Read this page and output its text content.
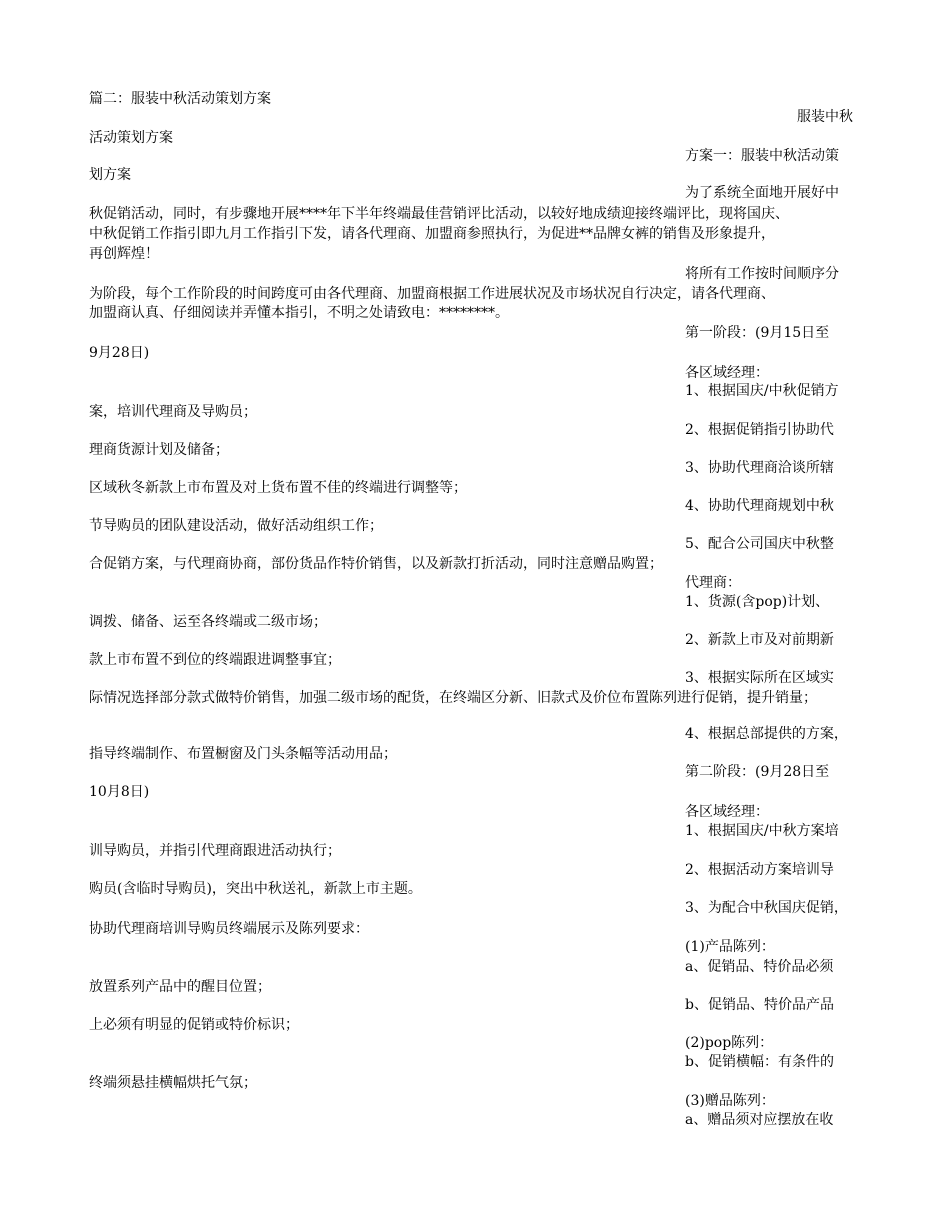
篇二：服装中秋活动策划方案
服装中秋
活动策划方案
方案一：服装中秋活动策
划方案
为了系统全面地开展好中
秋促销活动，同时，有步骤地开展****年下半年终端最佳营销评比活动，以较好地成绩迎接终端评比，现将国庆、
中秋促销工作指引即九月工作指引下发，请各代理商、加盟商参照执行，为促进**品牌女裤的销售及形象提升，
再创辉煌！
将所有工作按时间顺序分
为阶段，每个工作阶段的时间跨度可由各代理商、加盟商根据工作进展状况及市场状况自行决定，请各代理商、
加盟商认真、仔细阅读并弄懂本指引，不明之处请致电：********。
第一阶段：(9月15日至
9月28日)
各区域经理：
1、根据国庆/中秋促销方
案，培训代理商及导购员；
2、根据促销指引协助代
理商货源计划及储备；
3、协助代理商洽谈所辖
区域秋冬新款上市布置及对上货布置不佳的终端进行调整等；
4、协助代理商规划中秋
节导购员的团队建设活动，做好活动组织工作；
5、配合公司国庆中秋整
合促销方案，与代理商协商，部份货品作特价销售，以及新款打折活动，同时注意赠品购置；
代理商：
1、货源(含pop)计划、
调拨、储备、运至各终端或二级市场；
2、新款上市及对前期新
款上市布置不到位的终端跟进调整事宜；
3、根据实际所在区域实
际情况选择部分款式做特价销售，加强二级市场的配货，在终端区分新、旧款式及价位布置陈列进行促销，提升销量；
4、根据总部提供的方案，
指导终端制作、布置橱窗及门头条幅等活动用品；
第二阶段：(9月28日至
10月8日)
各区域经理：
1、根据国庆/中秋方案培
训导购员，并指引代理商跟进活动执行；
2、根据活动方案培训导
购员(含临时导购员)，突出中秋送礼，新款上市主题。
3、为配合中秋国庆促销，
协助代理商培训导购员终端展示及陈列要求：
(1)产品陈列：
a、促销品、特价品必须
放置系列产品中的醒目位置；
b、促销品、特价品产品
上必须有明显的促销或特价标识；
(2)pop陈列：
b、促销横幅：有条件的
终端须悬挂横幅烘托气氛；
(3)赠品陈列：
a、赠品须对应摆放在收
